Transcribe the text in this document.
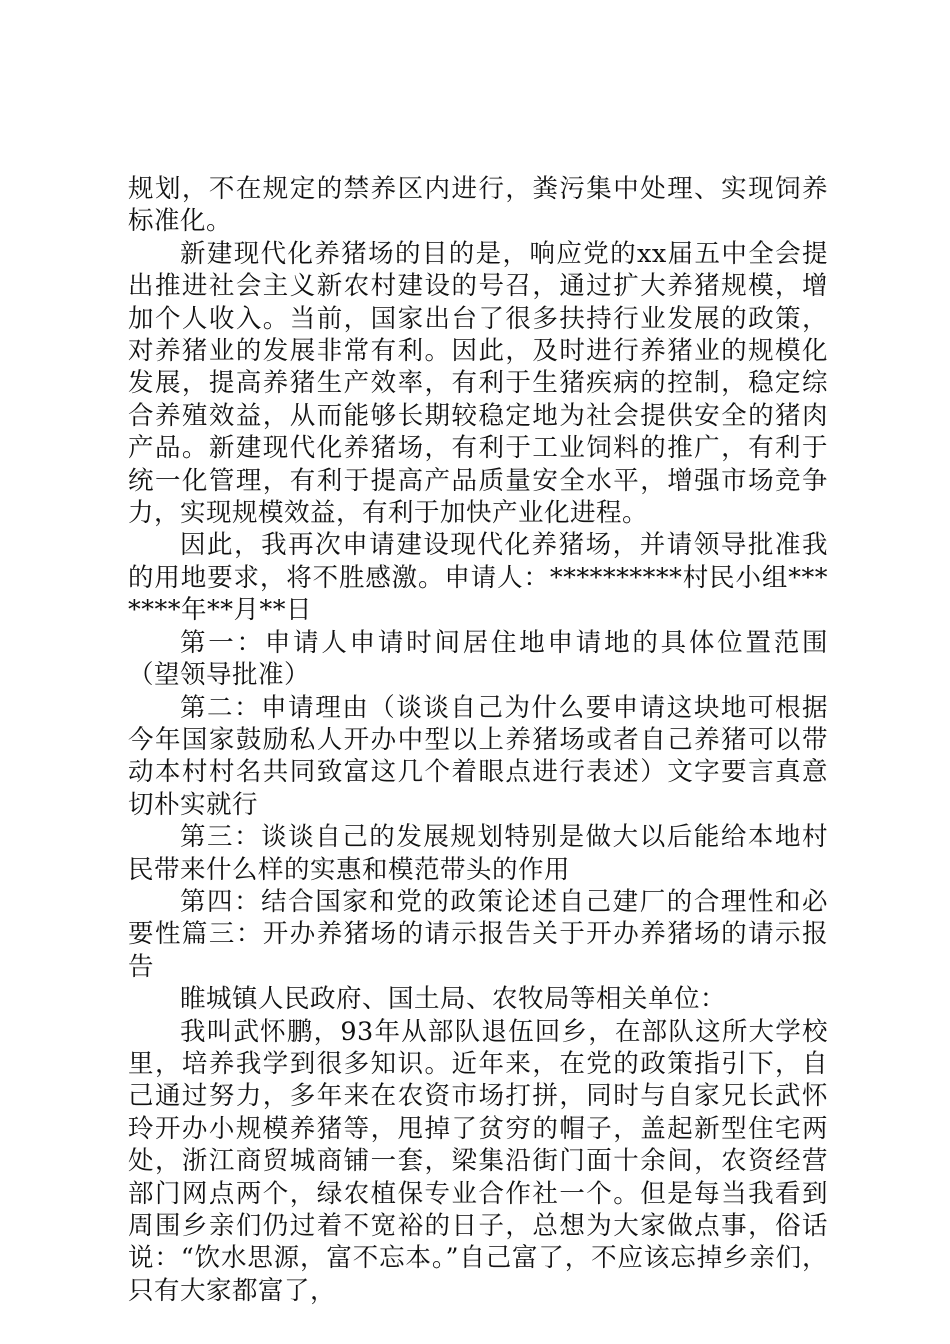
规划，不在规定的禁养区内进行，粪污集中处理、实现饲养标准化。

新建现代化养猪场的目的是，响应党的xx届五中全会提出推进社会主义新农村建设的号召，通过扩大养猪规模，增加个人收入。当前，国家出台了很多扶持行业发展的政策，对养猪业的发展非常有利。因此，及时进行养猪业的规模化发展，提高养猪生产效率，有利于生猪疾病的控制，稳定综合养殖效益，从而能够长期较稳定地为社会提供安全的猪肉产品。新建现代化养猪场，有利于工业饲料的推广，有利于统一化管理，有利于提高产品质量安全水平，增强市场竞争力，实现规模效益，有利于加快产业化进程。

因此，我再次申请建设现代化养猪场，并请领导批准我的用地要求，将不胜感激。申请人：**********村民小组*******年**月**日

第一：申请人申请时间居住地申请地的具体位置范围（望领导批准）

第二：申请理由（谈谈自己为什么要申请这块地可根据今年国家鼓励私人开办中型以上养猪场或者自己养猪可以带动本村村名共同致富这几个着眼点进行表述）文字要言真意切朴实就行

第三：谈谈自己的发展规划特别是做大以后能给本地村民带来什么样的实惠和模范带头的作用

第四：结合国家和党的政策论述自己建厂的合理性和必要性篇三：开办养猪场的请示报告关于开办养猪场的请示报告

睢城镇人民政府、国土局、农牧局等相关单位：

我叫武怀鹏，93年从部队退伍回乡，在部队这所大学校里，培养我学到很多知识。近年来，在党的政策指引下，自己通过努力，多年来在农资市场打拼，同时与自家兄长武怀玲开办小规模养猪等，甩掉了贫穷的帽子，盖起新型住宅两处，浙江商贸城商铺一套，梁集沿街门面十余间，农资经营部门网点两个，绿农植保专业合作社一个。但是每当我看到周围乡亲们仍过着不宽裕的日子，总想为大家做点事，俗话说：“饮水思源，富不忘本。”自己富了，不应该忘掉乡亲们，只有大家都富了，
